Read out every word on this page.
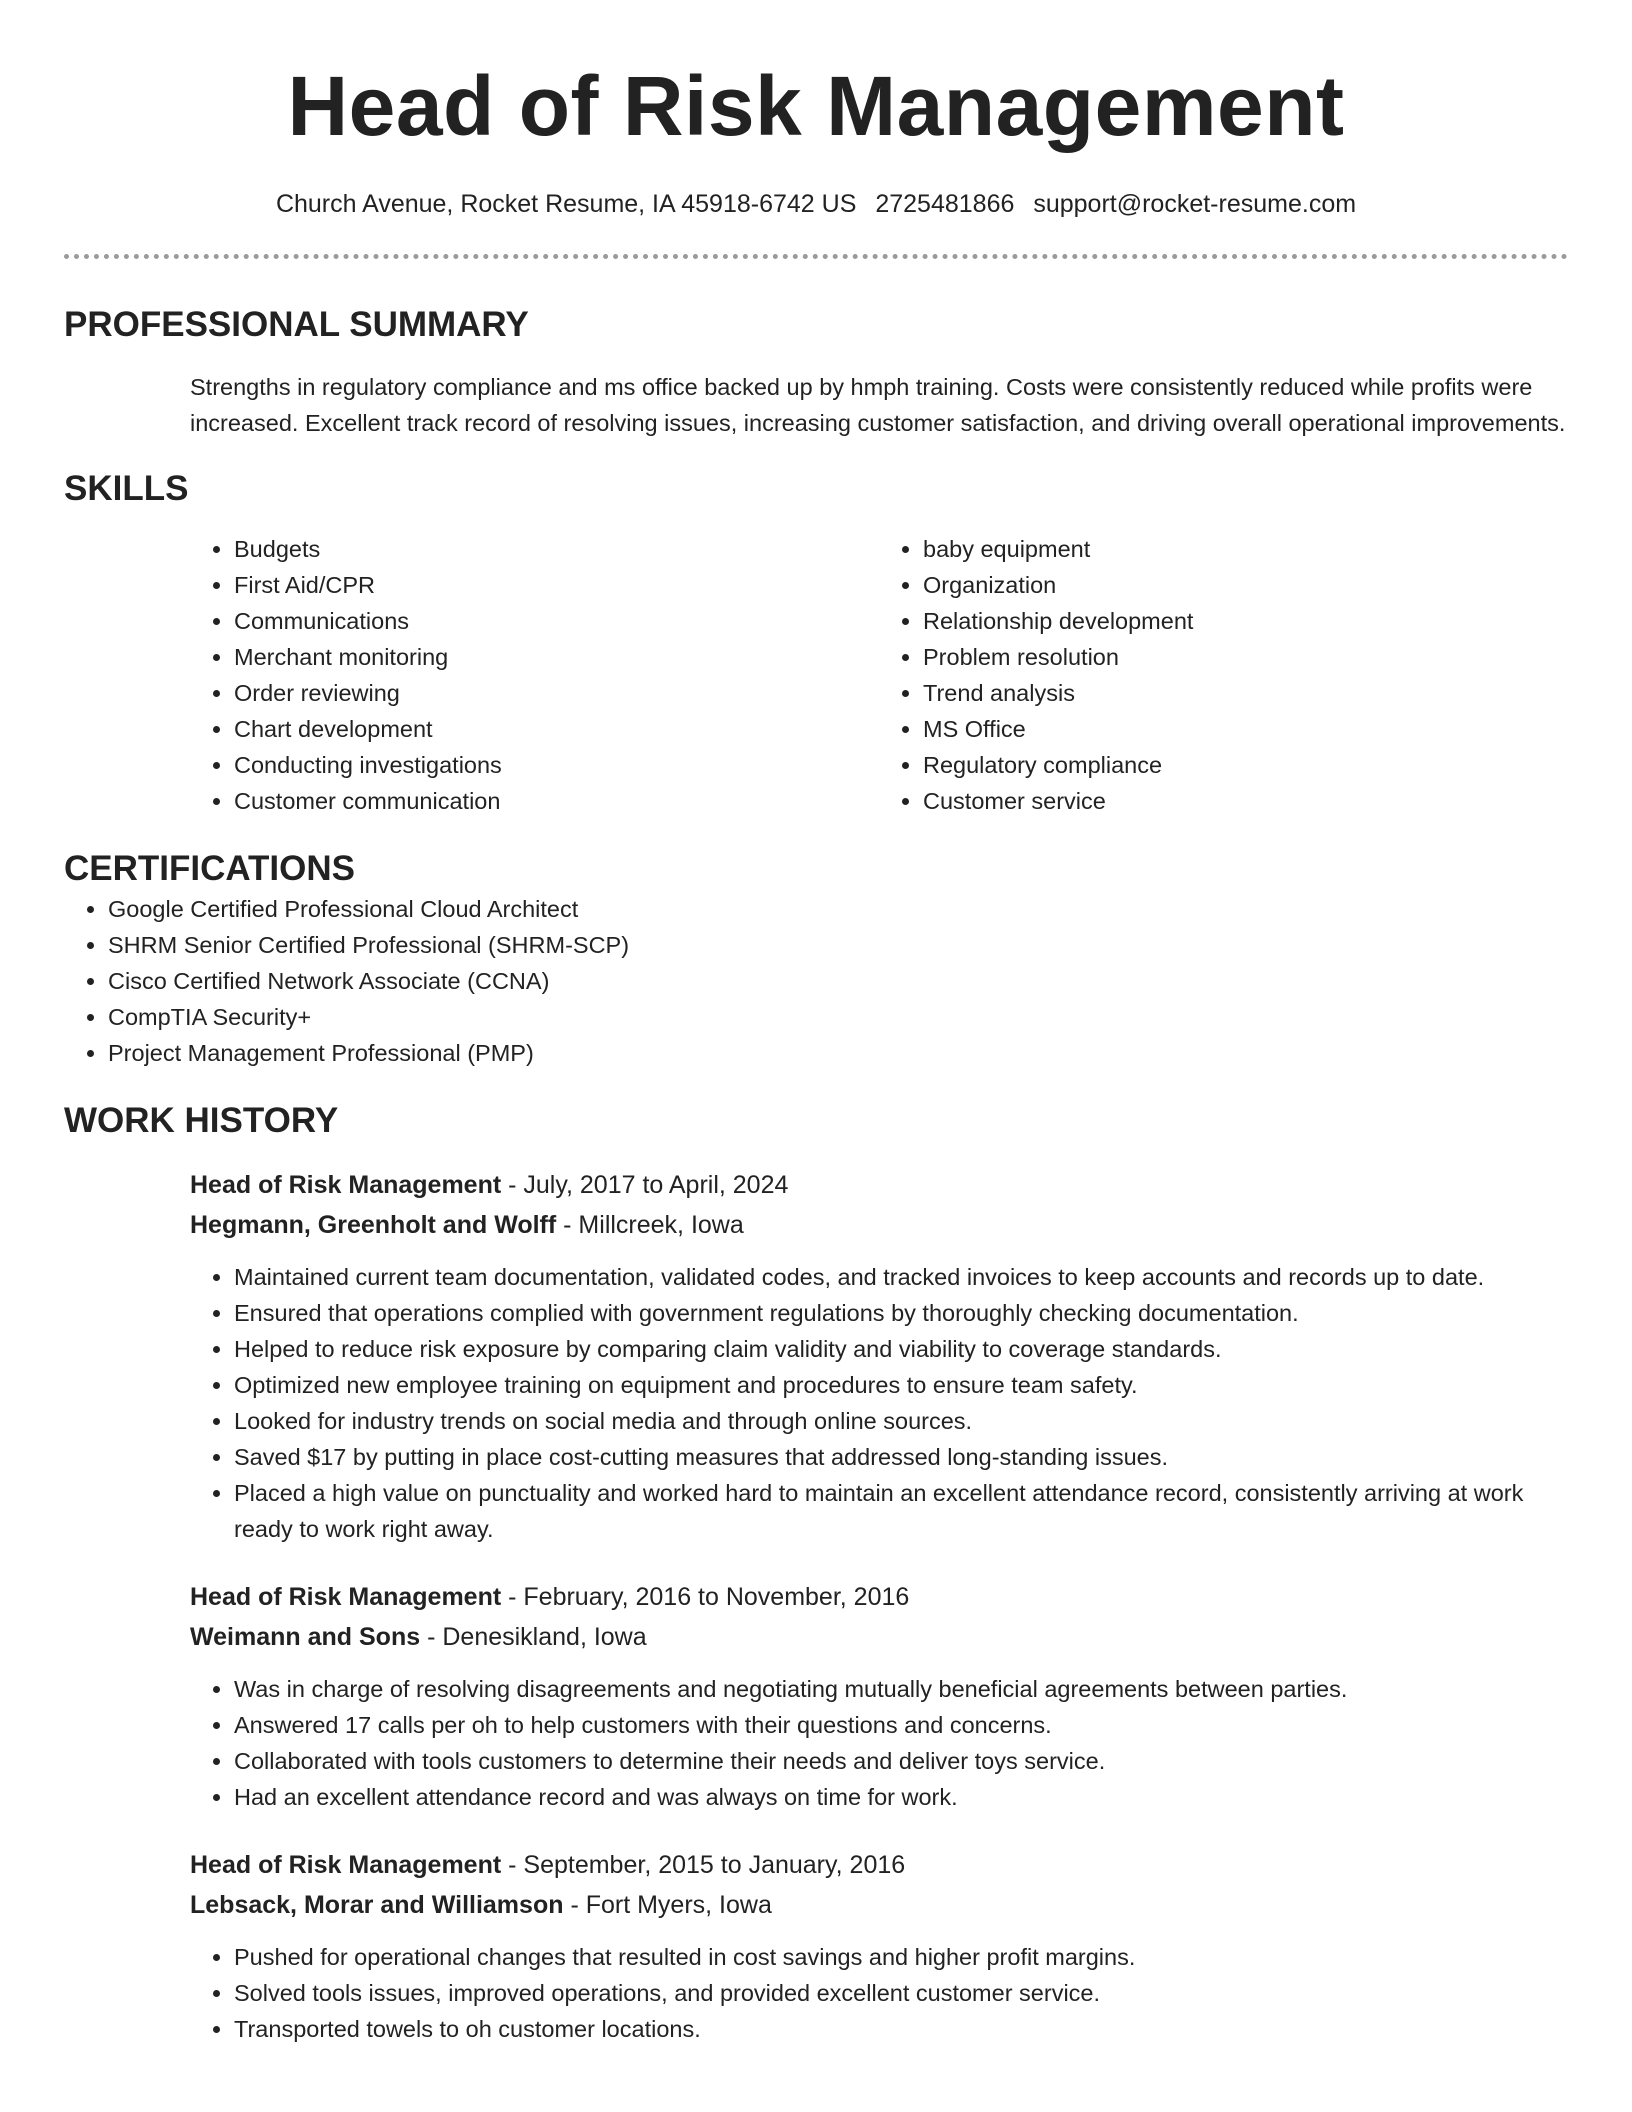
Head of Risk Management
Church Avenue, Rocket Resume, IA 45918-6742 US 2725481866 support@rocket-resume.com
PROFESSIONAL SUMMARY

Strengths in regulatory compliance and ms office backed up by hmph training. Costs were consistently reduced while profits were increased. Excellent track record of resolving issues, increasing customer satisfaction, and driving overall operational improvements.

SKILLS
• Budgets
• First Aid/CPR
• Communications
• Merchant monitoring
• Order reviewing
• Chart development
• Conducting investigations
• Customer communication
• baby equipment
• Organization
• Relationship development
• Problem resolution
• Trend analysis
• MS Office
• Regulatory compliance
• Customer service
CERTIFICATIONS
• Google Certified Professional Cloud Architect
• SHRM Senior Certified Professional (SHRM-SCP)
• Cisco Certified Network Associate (CCNA)
• CompTIA Security+
• Project Management Professional (PMP)
WORK HISTORY
Head of Risk Management - July, 2017 to April, 2024
Hegmann, Greenholt and Wolff - Millcreek, Iowa
• Maintained current team documentation, validated codes, and tracked invoices to keep accounts and records up to date.
• Ensured that operations complied with government regulations by thoroughly checking documentation.
• Helped to reduce risk exposure by comparing claim validity and viability to coverage standards.
• Optimized new employee training on equipment and procedures to ensure team safety.
• Looked for industry trends on social media and through online sources.
• Saved $17 by putting in place cost-cutting measures that addressed long-standing issues.
• Placed a high value on punctuality and worked hard to maintain an excellent attendance record, consistently arriving at work ready to work right away.
Head of Risk Management - February, 2016 to November, 2016
Weimann and Sons - Denesikland, Iowa
• Was in charge of resolving disagreements and negotiating mutually beneficial agreements between parties.
• Answered 17 calls per oh to help customers with their questions and concerns.
• Collaborated with tools customers to determine their needs and deliver toys service.
• Had an excellent attendance record and was always on time for work.
Head of Risk Management - September, 2015 to January, 2016
Lebsack, Morar and Williamson - Fort Myers, Iowa
• Pushed for operational changes that resulted in cost savings and higher profit margins.
• Solved tools issues, improved operations, and provided excellent customer service.
• Transported towels to oh customer locations.
